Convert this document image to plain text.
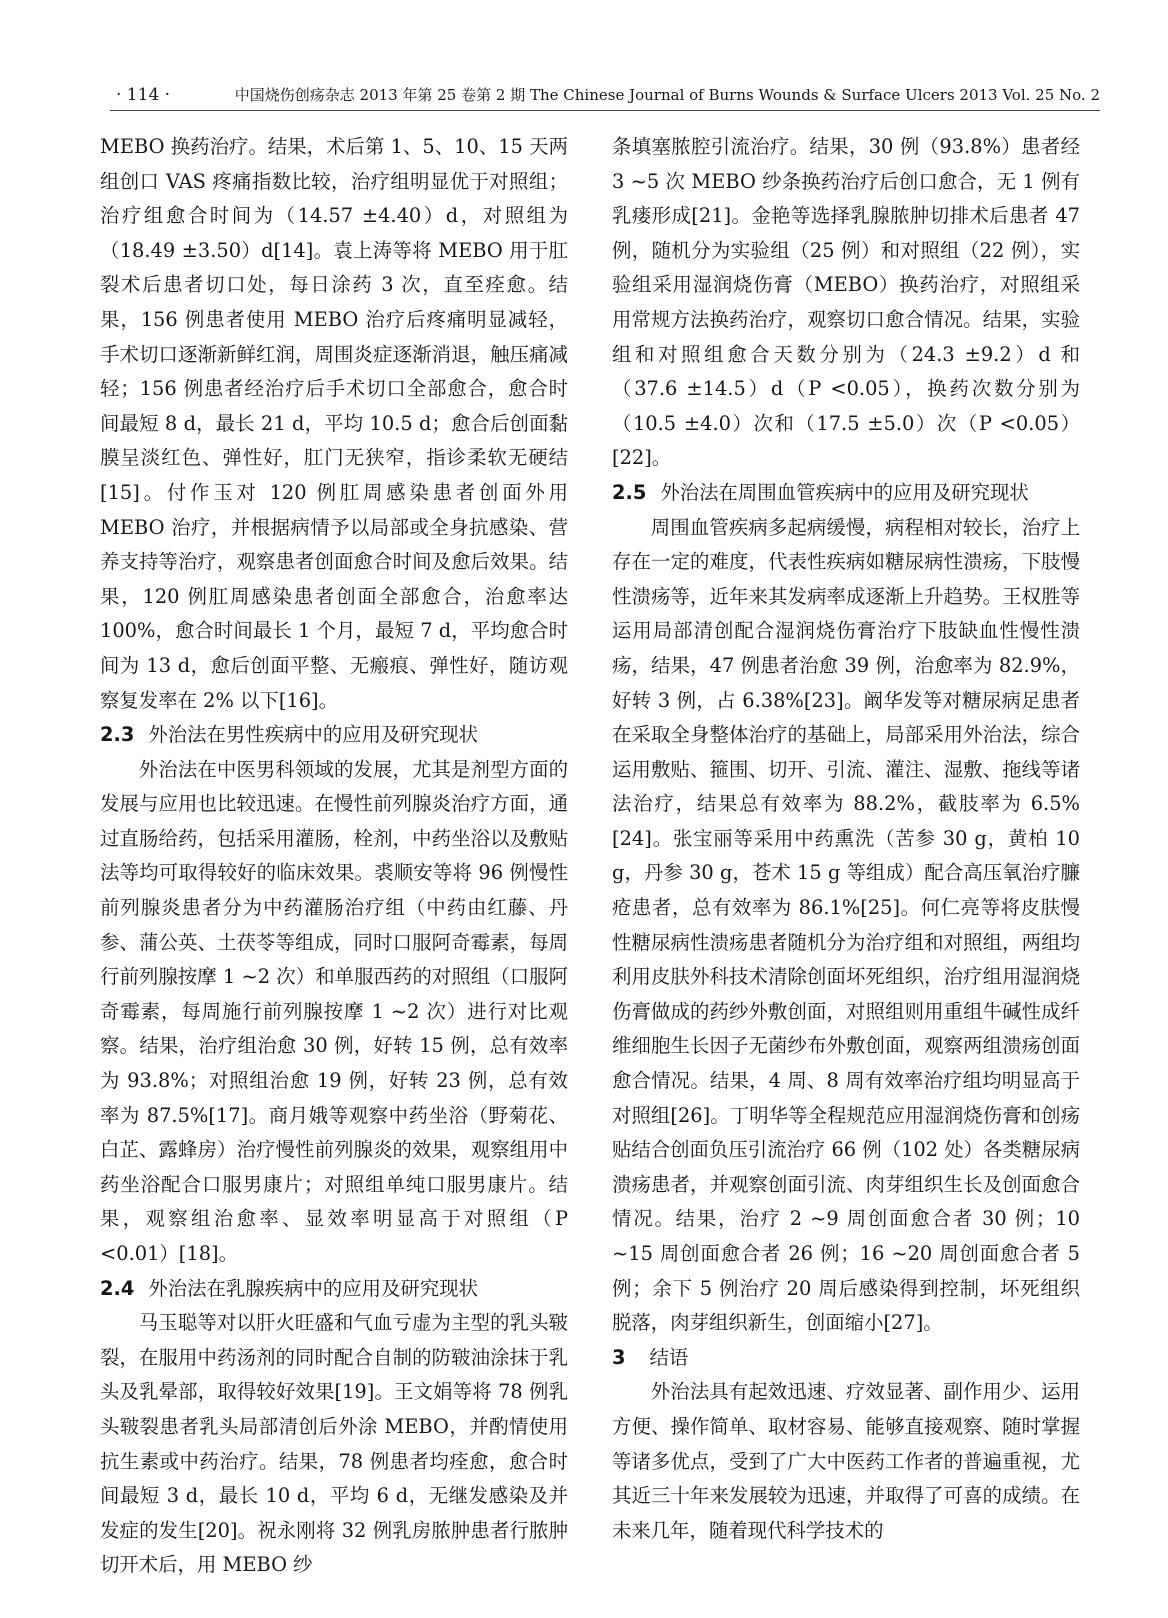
· 114 ·	中国烧伤创疡杂志 2013 年第 25 卷第 2 期 The Chinese Journal of Burns Wounds & Surface Ulcers 2013 Vol. 25 No. 2

MEBO 换药治疗。结果，术后第 1、5、10、15 天两组创口 VAS 疼痛指数比较，治疗组明显优于对照组；治疗组愈合时间为（14.57 ±4.40）d，对照组为（18.49 ±3.50）d[14]。袁上涛等将 MEBO 用于肛裂术后患者切口处，每日涂药 3 次，直至痊愈。结果，156 例患者使用 MEBO 治疗后疼痛明显减轻，手术切口逐渐新鲜红润，周围炎症逐渐消退，触压痛减轻；156 例患者经治疗后手术切口全部愈合，愈合时间最短 8 d，最长 21 d，平均 10.5 d；愈合后创面黏膜呈淡红色、弹性好，肛门无狭窄，指诊柔软无硬结[15]。付作玉对 120 例肛周感染患者创面外用 MEBO 治疗，并根据病情予以局部或全身抗感染、营养支持等治疗，观察患者创面愈合时间及愈后效果。结果，120 例肛周感染患者创面全部愈合，治愈率达 100%，愈合时间最长 1 个月，最短 7 d，平均愈合时间为 13 d，愈后创面平整、无瘢痕、弹性好，随访观察复发率在 2% 以下[16]。

2.3 外治法在男性疾病中的应用及研究现状

外治法在中医男科领域的发展，尤其是剂型方面的发展与应用也比较迅速。在慢性前列腺炎治疗方面，通过直肠给药，包括采用灌肠，栓剂，中药坐浴以及敷贴法等均可取得较好的临床效果。裘顺安等将 96 例慢性前列腺炎患者分为中药灌肠治疗组（中药由红藤、丹参、蒲公英、土茯苓等组成，同时口服阿奇霉素，每周行前列腺按摩 1 ~2 次）和单服西药的对照组（口服阿奇霉素，每周施行前列腺按摩 1 ~2 次）进行对比观察。结果，治疗组治愈 30 例，好转 15 例，总有效率为 93.8%；对照组治愈 19 例，好转 23 例，总有效率为 87.5%[17]。商月娥等观察中药坐浴（野菊花、白芷、露蜂房）治疗慢性前列腺炎的效果，观察组用中药坐浴配合口服男康片；对照组单纯口服男康片。结果，观察组治愈率、显效率明显高于对照组（P <0.01）[18]。

2.4 外治法在乳腺疾病中的应用及研究现状

马玉聪等对以肝火旺盛和气血亏虚为主型的乳头皲裂，在服用中药汤剂的同时配合自制的防皲油涂抹于乳头及乳晕部，取得较好效果[19]。王文娟等将 78 例乳头皲裂患者乳头局部清创后外涂 MEBO，并酌情使用抗生素或中药治疗。结果，78 例患者均痊愈，愈合时间最短 3 d，最长 10 d，平均 6 d，无继发感染及并发症的发生[20]。祝永刚将 32 例乳房脓肿患者行脓肿切开术后，用 MEBO 纱

条填塞脓腔引流治疗。结果，30 例（93.8%）患者经 3 ~5 次 MEBO 纱条换药治疗后创口愈合，无 1 例有乳瘘形成[21]。金艳等选择乳腺脓肿切排术后患者 47 例，随机分为实验组（25 例）和对照组（22 例），实验组采用湿润烧伤膏（MEBO）换药治疗，对照组采用常规方法换药治疗，观察切口愈合情况。结果，实验组和对照组愈合天数分别为（24.3 ±9.2）d 和（37.6 ±14.5）d（P <0.05），换药次数分别为（10.5 ±4.0）次和（17.5 ±5.0）次（P <0.05）[22]。

2.5 外治法在周围血管疾病中的应用及研究现状

周围血管疾病多起病缓慢，病程相对较长，治疗上存在一定的难度，代表性疾病如糖尿病性溃疡，下肢慢性溃疡等，近年来其发病率成逐渐上升趋势。王权胜等运用局部清创配合湿润烧伤膏治疗下肢缺血性慢性溃疡，结果，47 例患者治愈 39 例，治愈率为 82.9%，好转 3 例，占 6.38%[23]。阚华发等对糖尿病足患者在采取全身整体治疗的基础上，局部采用外治法，综合运用敷贴、箍围、切开、引流、灌注、湿敷、拖线等诸法治疗，结果总有效率为 88.2%，截肢率为 6.5%[24]。张宝丽等采用中药熏洗（苦参 30 g，黄柏 10 g，丹参 30 g，苍术 15 g 等组成）配合高压氧治疗臁疮患者，总有效率为 86.1%[25]。何仁亮等将皮肤慢性糖尿病性溃疡患者随机分为治疗组和对照组，两组均利用皮肤外科技术清除创面坏死组织，治疗组用湿润烧伤膏做成的药纱外敷创面，对照组则用重组牛碱性成纤维细胞生长因子无菌纱布外敷创面，观察两组溃疡创面愈合情况。结果，4 周、8 周有效率治疗组均明显高于对照组[26]。丁明华等全程规范应用湿润烧伤膏和创疡贴结合创面负压引流治疗 66 例（102 处）各类糖尿病溃疡患者，并观察创面引流、肉芽组织生长及创面愈合情况。结果，治疗 2 ~9 周创面愈合者 30 例；10 ~15 周创面愈合者 26 例；16 ~20 周创面愈合者 5 例；余下 5 例治疗 20 周后感染得到控制，坏死组织脱落，肉芽组织新生，创面缩小[27]。

3 结语

外治法具有起效迅速、疗效显著、副作用少、运用方便、操作简单、取材容易、能够直接观察、随时掌握等诸多优点，受到了广大中医药工作者的普遍重视，尤其近三十年来发展较为迅速，并取得了可喜的成绩。在未来几年，随着现代科学技术的
